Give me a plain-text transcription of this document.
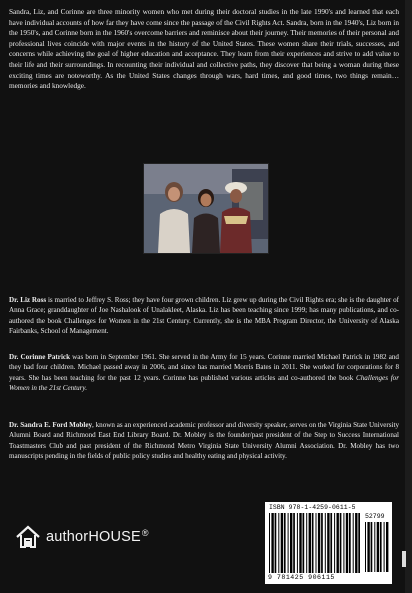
Sandra, Liz, and Corinne are three minority women who met during their doctoral studies in the late 1990's and learned that each have individual accounts of how far they have come since the passage of the Civil Rights Act. Sandra, born in the 1940's, Liz born in the 1950's, and Corinne born in the 1960's overcome barriers and reminisce about their journey. Their memories of their personal and professional lives coincide with major events in the history of the United States. These women share their trials, successes, and concerns while achieving the goal of higher education and acceptance. They learn from their experiences and strive to add value to their life and their surroundings. In recounting their individual and collective paths, they discover that being a woman during these exciting times are noteworthy. As the United States changes through wars, hard times, and good times, two things remain… memories and knowledge.

Dr. Liz Ross is married to Jeffrey S. Ross; they have four grown children. Liz grew up during the Civil Rights era; she is the daughter of Anna Grace; granddaughter of Joe Nashalook of Unalakleet, Alaska. Liz has been teaching since 1999; has many publications, and co-authored the book Challenges for Women in the 21st Century. Currently, she is the MBA Program Director, the University of Alaska Fairbanks, School of Management.

Dr. Corinne Patrick was born in September 1961. She served in the Army for 15 years. Corinne married Michael Patrick in 1982 and they had four children. Michael passed away in 2006, and since has married Morris Bates in 2011. She worked for corporations for 8 years. She has been teaching for the past 12 years. Corinne has published various articles and co-authored the book Challenges for Women in the 21st Century.

Dr. Sandra E. Ford Mobley, known as an experienced academic professor and diversity speaker, serves on the Virginia State University Alumni Board and Richmond East End Library Board. Dr. Mobley is the founder/past president of the Step to Success International Toastmasters Club and past president of the Richmond Metro Virginia State University Alumni Association. Dr. Mobley has two manuscripts pending in the fields of public policy studies and healthy eating and physical activity.

authorHOUSE ®
ISBN 978-1-4259-0611-5
52799
9 781425 906115
